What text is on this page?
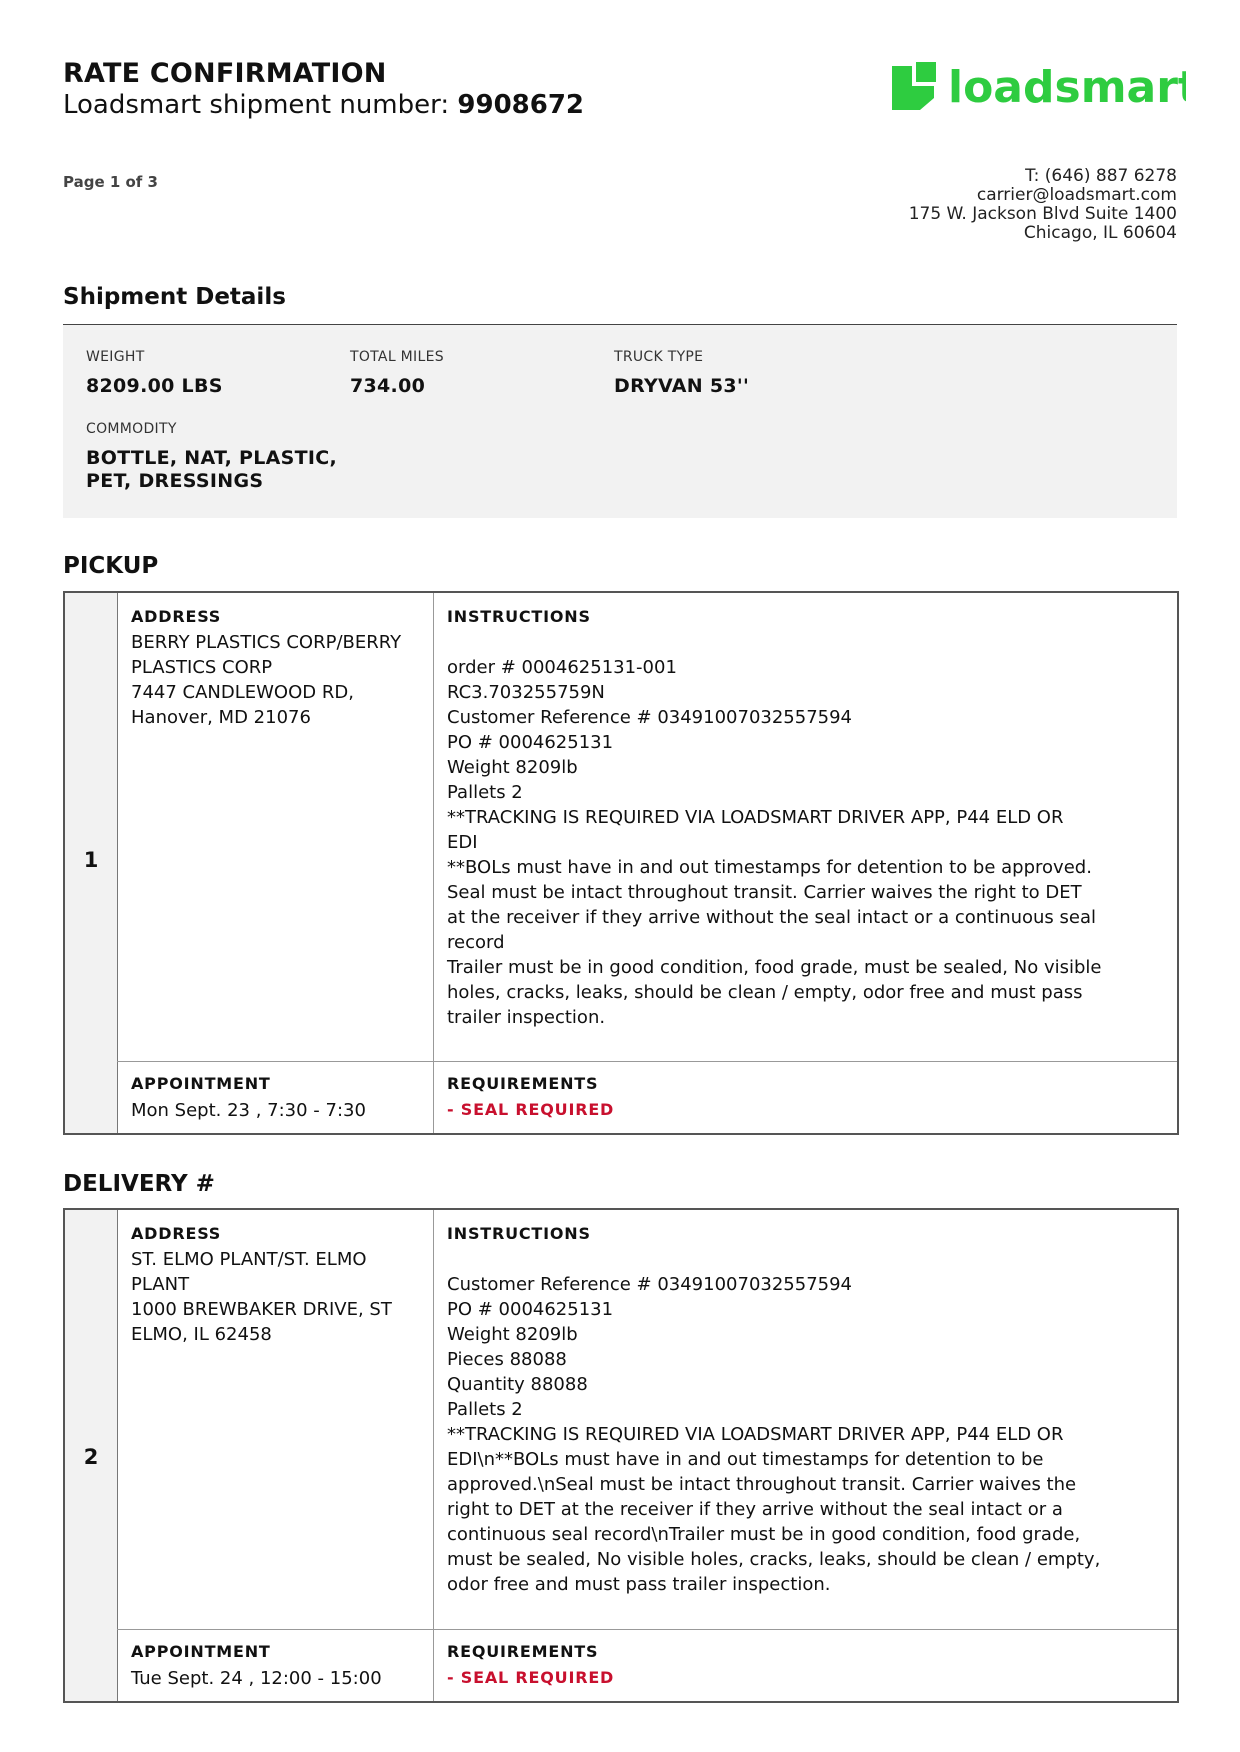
RATE CONFIRMATION
Loadsmart shipment number: 9908672
Page 1 of 3
loadsmart
T: (646) 887 6278
carrier@loadsmart.com
175 W. Jackson Blvd Suite 1400
Chicago, IL 60604
Shipment Details
WEIGHT
8209.00 LBS
TOTAL MILES
734.00
TRUCK TYPE
DRYVAN 53''
COMMODITY
BOTTLE, NAT, PLASTIC,
PET, DRESSINGS
PICKUP
1
ADDRESS
BERRY PLASTICS CORP/BERRY
PLASTICS CORP
7447 CANDLEWOOD RD,
Hanover, MD 21076
INSTRUCTIONS
order # 0004625131-001
RC3.703255759N
Customer Reference # 03491007032557594
PO # 0004625131
Weight 8209lb
Pallets 2
**TRACKING IS REQUIRED VIA LOADSMART DRIVER APP, P44 ELD OR
EDI
**BOLs must have in and out timestamps for detention to be approved.
Seal must be intact throughout transit. Carrier waives the right to DET
at the receiver if they arrive without the seal intact or a continuous seal
record
Trailer must be in good condition, food grade, must be sealed, No visible
holes, cracks, leaks, should be clean / empty, odor free and must pass
trailer inspection.
APPOINTMENT
Mon Sept. 23 , 7:30 - 7:30
REQUIREMENTS
- SEAL REQUIRED
DELIVERY #
2
ADDRESS
ST. ELMO PLANT/ST. ELMO
PLANT
1000 BREWBAKER DRIVE, ST
ELMO, IL 62458
INSTRUCTIONS
Customer Reference # 03491007032557594
PO # 0004625131
Weight 8209lb
Pieces 88088
Quantity 88088
Pallets 2
**TRACKING IS REQUIRED VIA LOADSMART DRIVER APP, P44 ELD OR
EDI\n**BOLs must have in and out timestamps for detention to be
approved.\nSeal must be intact throughout transit. Carrier waives the
right to DET at the receiver if they arrive without the seal intact or a
continuous seal record\nTrailer must be in good condition, food grade,
must be sealed, No visible holes, cracks, leaks, should be clean / empty,
odor free and must pass trailer inspection.
APPOINTMENT
Tue Sept. 24 , 12:00 - 15:00
REQUIREMENTS
- SEAL REQUIRED
